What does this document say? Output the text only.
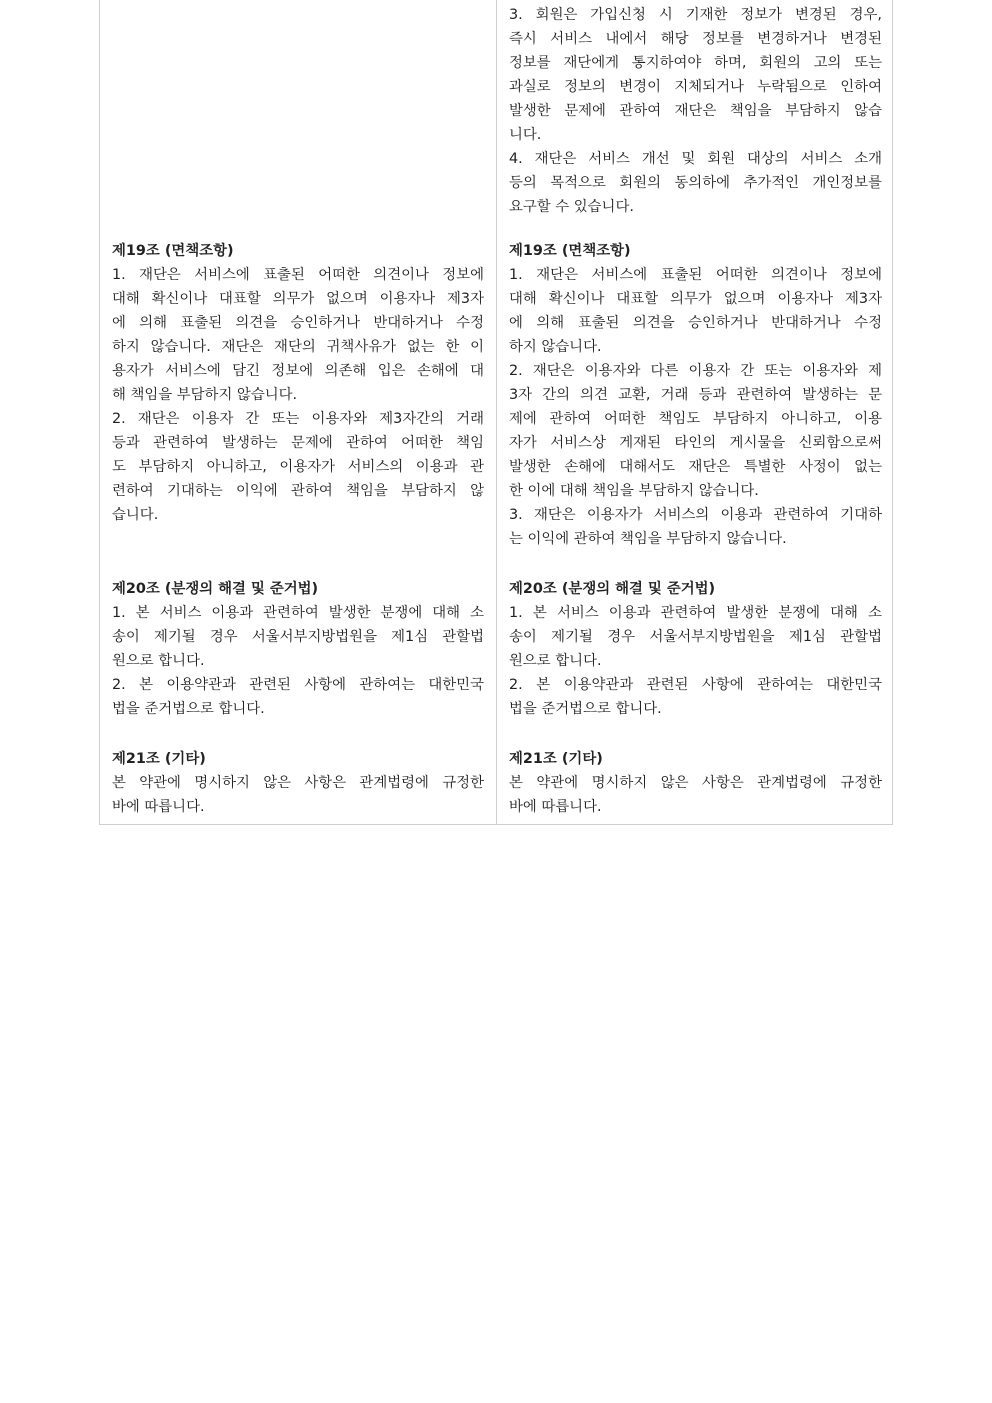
3. 회원은 가입신청 시 기재한 정보가 변경된 경우,
즉시 서비스 내에서 해당 정보를 변경하거나 변경된
정보를 재단에게 통지하여야 하며, 회원의 고의 또는
과실로 정보의 변경이 지체되거나 누락됨으로 인하여
발생한 문제에 관하여 재단은 책임을 부담하지 않습
니다.
4. 재단은 서비스 개선 및 회원 대상의 서비스 소개
등의 목적으로 회원의 동의하에 추가적인 개인정보를
요구할 수 있습니다.
제19조 (면책조항)
1. 재단은 서비스에 표출된 어떠한 의견이나 정보에
대해 확신이나 대표할 의무가 없으며 이용자나 제3자
에 의해 표출된 의견을 승인하거나 반대하거나 수정
하지 않습니다. 재단은 재단의 귀책사유가 없는 한 이
용자가 서비스에 담긴 정보에 의존해 입은 손해에 대
해 책임을 부담하지 않습니다.
2. 재단은 이용자 간 또는 이용자와 제3자간의 거래
등과 관련하여 발생하는 문제에 관하여 어떠한 책임
도 부담하지 아니하고, 이용자가 서비스의 이용과 관
련하여 기대하는 이익에 관하여 책임을 부담하지 않
습니다.
제19조 (면책조항)
1. 재단은 서비스에 표출된 어떠한 의견이나 정보에
대해 확신이나 대표할 의무가 없으며 이용자나 제3자
에 의해 표출된 의견을 승인하거나 반대하거나 수정
하지 않습니다.
2. 재단은 이용자와 다른 이용자 간 또는 이용자와 제
3자 간의 의견 교환, 거래 등과 관련하여 발생하는 문
제에 관하여 어떠한 책임도 부담하지 아니하고, 이용
자가 서비스상 게재된 타인의 게시물을 신뢰함으로써
발생한 손해에 대해서도 재단은 특별한 사정이 없는
한 이에 대해 책임을 부담하지 않습니다.
3. 재단은 이용자가 서비스의 이용과 관련하여 기대하
는 이익에 관하여 책임을 부담하지 않습니다.
제20조 (분쟁의 해결 및 준거법)
1. 본 서비스 이용과 관련하여 발생한 분쟁에 대해 소
송이 제기될 경우 서울서부지방법원을 제1심 관할법
원으로 합니다.
2. 본 이용약관과 관련된 사항에 관하여는 대한민국
법을 준거법으로 합니다.
제20조 (분쟁의 해결 및 준거법)
1. 본 서비스 이용과 관련하여 발생한 분쟁에 대해 소
송이 제기될 경우 서울서부지방법원을 제1심 관할법
원으로 합니다.
2. 본 이용약관과 관련된 사항에 관하여는 대한민국
법을 준거법으로 합니다.
제21조 (기타)
본 약관에 명시하지 않은 사항은 관계법령에 규정한
바에 따릅니다.
제21조 (기타)
본 약관에 명시하지 않은 사항은 관계법령에 규정한
바에 따릅니다.
